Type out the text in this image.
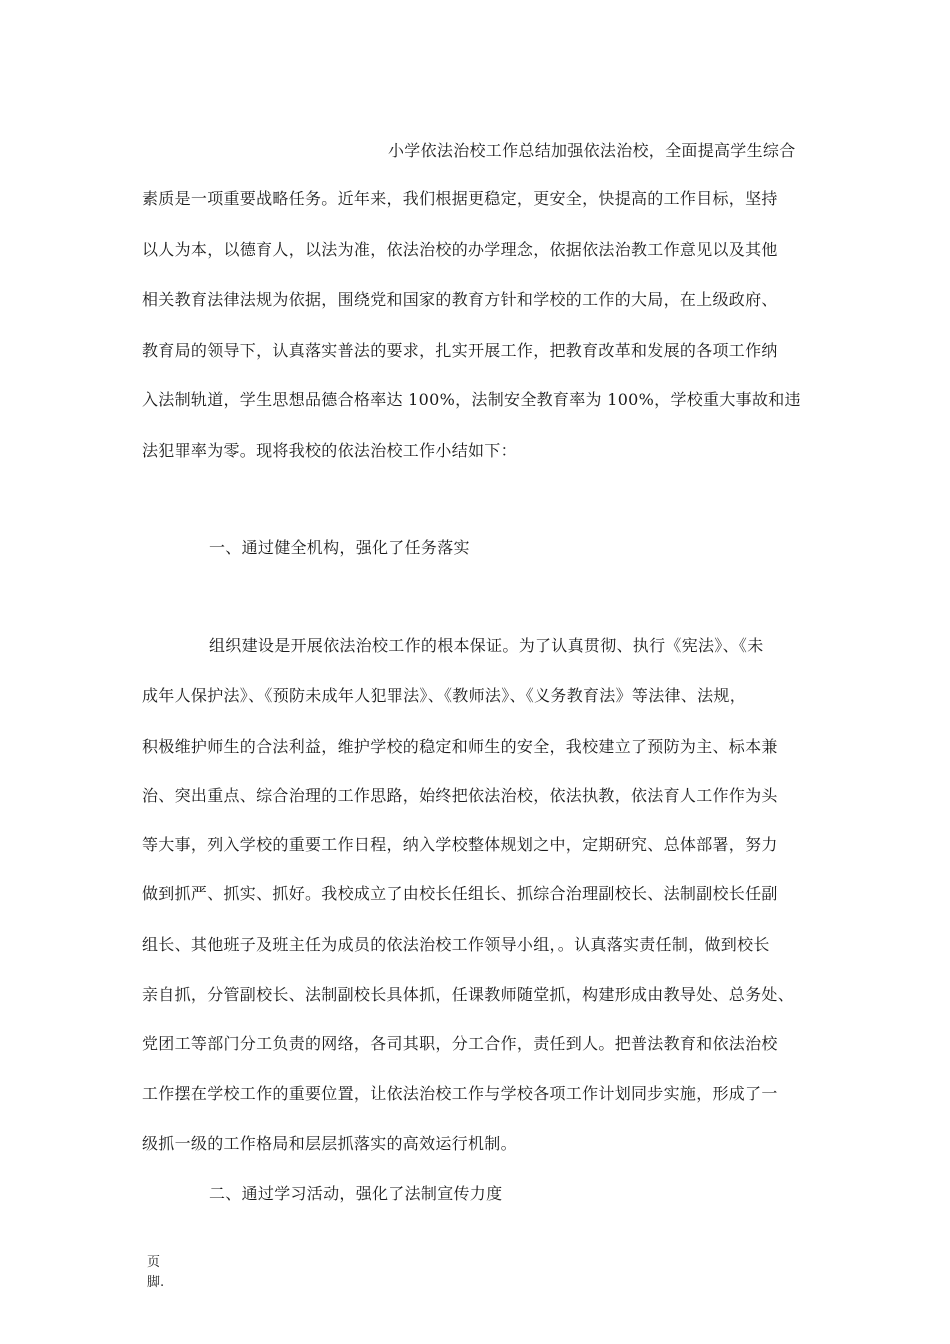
小学依法治校工作总结加强依法治校，全面提高学生综合
素质是一项重要战略任务。近年来，我们根据更稳定，更安全，快提高的工作目标，坚持
以人为本，以德育人，以法为准，依法治校的办学理念，依据依法治教工作意见以及其他
相关教育法律法规为依据，围绕党和国家的教育方针和学校的工作的大局，在上级政府、
教育局的领导下，认真落实普法的要求，扎实开展工作，把教育改革和发展的各项工作纳
入法制轨道，学生思想品德合格率达 100%，法制安全教育率为 100%，学校重大事故和违
法犯罪率为零。现将我校的依法治校工作小结如下：
一、通过健全机构，强化了任务落实
组织建设是开展依法治校工作的根本保证。为了认真贯彻、执行《宪法》、《未
成年人保护法》、《预防未成年人犯罪法》、《教师法》、《义务教育法》等法律、法规，
积极维护师生的合法利益，维护学校的稳定和师生的安全，我校建立了预防为主、标本兼
治、突出重点、综合治理的工作思路，始终把依法治校，依法执教，依法育人工作作为头
等大事，列入学校的重要工作日程，纳入学校整体规划之中，定期研究、总体部署，努力
做到抓严、抓实、抓好。我校成立了由校长任组长、抓综合治理副校长、法制副校长任副
组长、其他班子及班主任为成员的依法治校工作领导小组，。认真落实责任制，做到校长
亲自抓，分管副校长、法制副校长具体抓，任课教师随堂抓，构建形成由教导处、总务处、
党团工等部门分工负责的网络，各司其职，分工合作，责任到人。把普法教育和依法治校
工作摆在学校工作的重要位置，让依法治校工作与学校各项工作计划同步实施，形成了一
级抓一级的工作格局和层层抓落实的高效运行机制。
二、通过学习活动，强化了法制宣传力度
页
脚.
